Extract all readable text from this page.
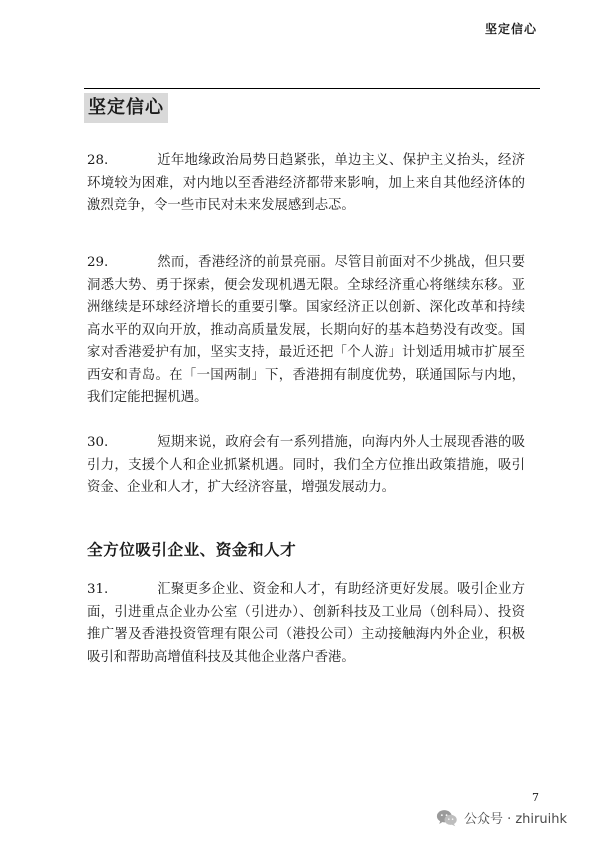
坚定信心
坚定信心

28.	近年地缘政治局势日趋紧张，单边主义、保护主义抬头，经济环境较为困难，对内地以至香港经济都带来影响，加上来自其他经济体的激烈竞争，令一些市民对未来发展感到忐忑。

29.	然而，香港经济的前景亮丽。尽管目前面对不少挑战，但只要洞悉大势、勇于探索，便会发现机遇无限。全球经济重心将继续东移。亚洲继续是环球经济增长的重要引擎。国家经济正以创新、深化改革和持续高水平的双向开放，推动高质量发展，长期向好的基本趋势没有改变。国家对香港爱护有加，坚实支持，最近还把「个人游」计划适用城市扩展至西安和青岛。在「一国两制」下，香港拥有制度优势，联通国际与内地，我们定能把握机遇。

30.	短期来说，政府会有一系列措施，向海内外人士展现香港的吸引力，支援个人和企业抓紧机遇。同时，我们全方位推出政策措施，吸引资金、企业和人才，扩大经济容量，增强发展动力。

全方位吸引企业、资金和人才

31.	汇聚更多企业、资金和人才，有助经济更好发展。吸引企业方面，引进重点企业办公室（引进办）、创新科技及工业局（创科局）、投资推广署及香港投资管理有限公司（港投公司）主动接触海内外企业，积极吸引和帮助高增值科技及其他企业落户香港。

7
公众号 · zhiruihk
